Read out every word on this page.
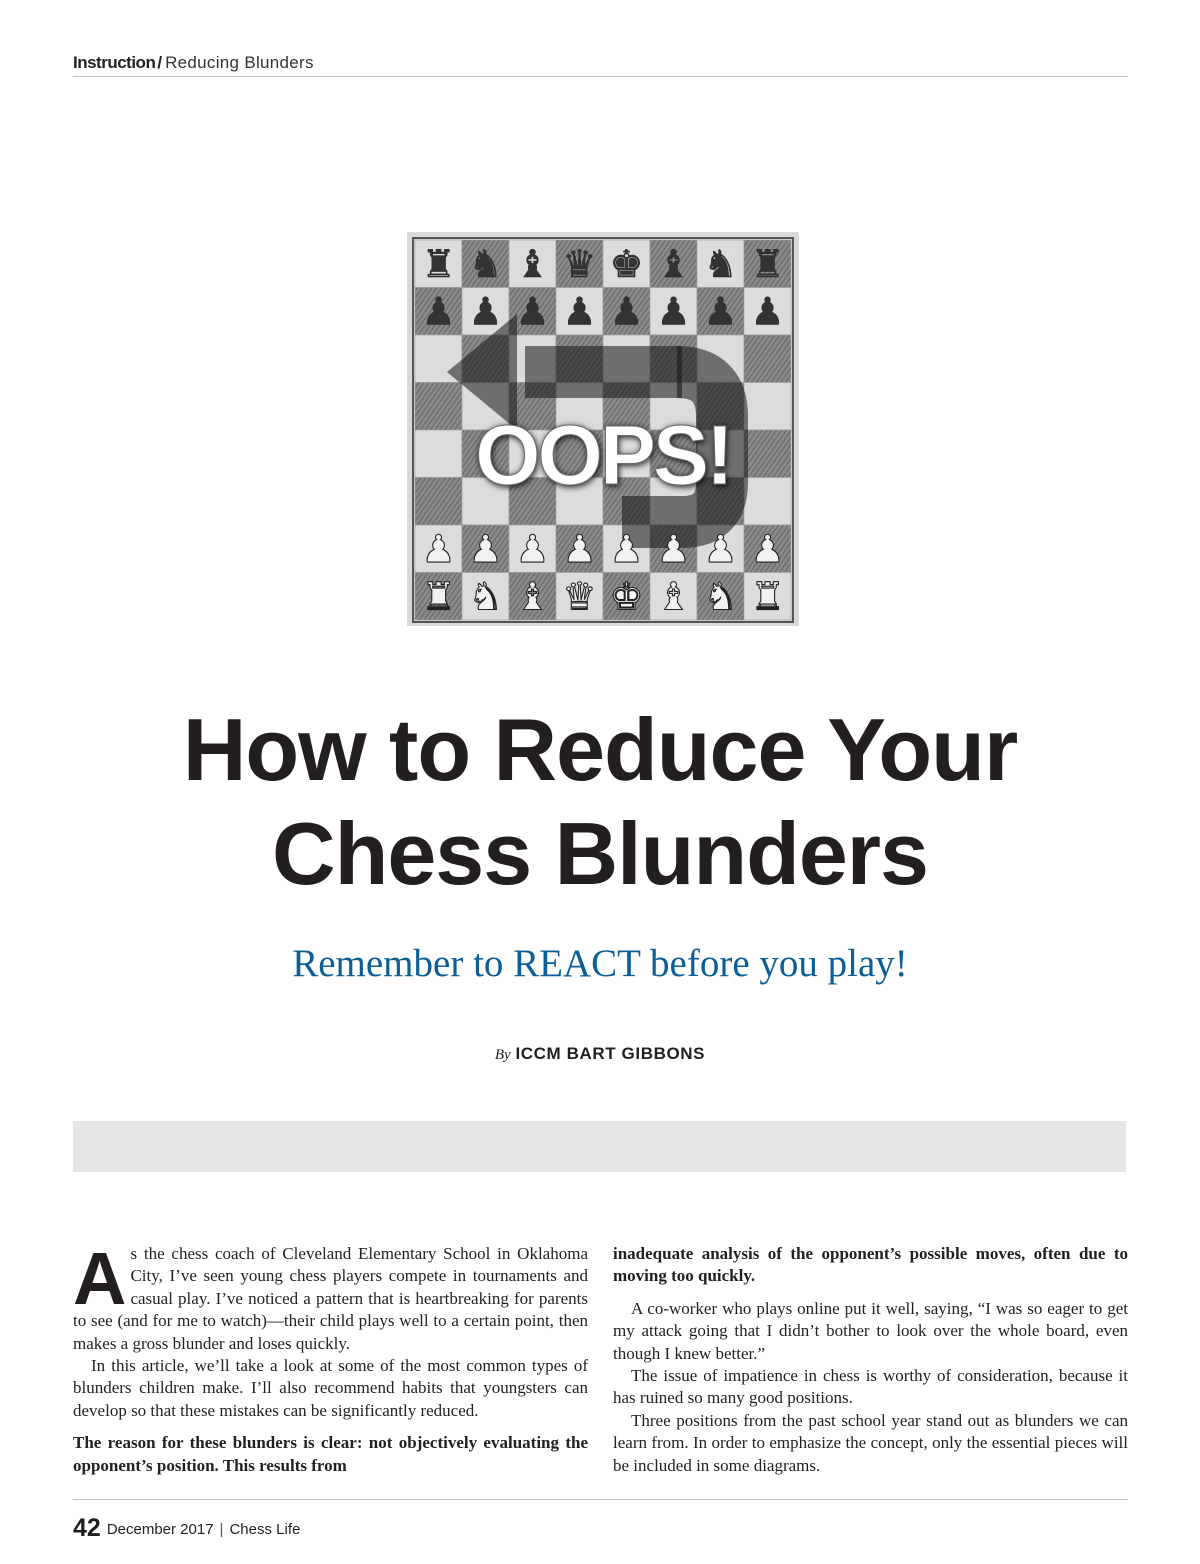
Instruction / Reducing Blunders
♜ ♞ ♝ ♛ ♚ ♝ ♞ ♜
♟ ♟ ♟ ♟ ♟ ♟ ♟ ♟
♟ ♟ ♟ ♟ ♟ ♟ ♟ ♟
♜ ♞ ♝ ♛ ♚ ♝ ♞ ♜
OOPS!
How to Reduce Your
Chess Blunders
Remember to REACT before you play!
By ICCM BART GIBBONS

As the chess coach of Cleveland Elementary School in Oklahoma City, I’ve seen young chess players compete in tournaments and casual play. I’ve noticed a pattern that is heartbreaking for parents to see (and for me to watch)—their child plays well to a certain point, then makes a gross blunder and loses quickly.

In this article, we’ll take a look at some of the most common types of blunders children make. I’ll also recommend habits that youngsters can develop so that these mistakes can be significantly reduced.

The reason for these blunders is clear: not objectively evaluating the opponent’s position. This results from

inadequate analysis of the opponent’s possible moves, often due to moving too quickly.

A co-worker who plays online put it well, saying, “I was so eager to get my attack going that I didn’t bother to look over the whole board, even though I knew better.”

The issue of impatience in chess is worthy of consideration, because it has ruined so many good positions.

Three positions from the past school year stand out as blunders we can learn from. In order to emphasize the concept, only the essential pieces will be included in some diagrams.

42 December 2017 | Chess Life
